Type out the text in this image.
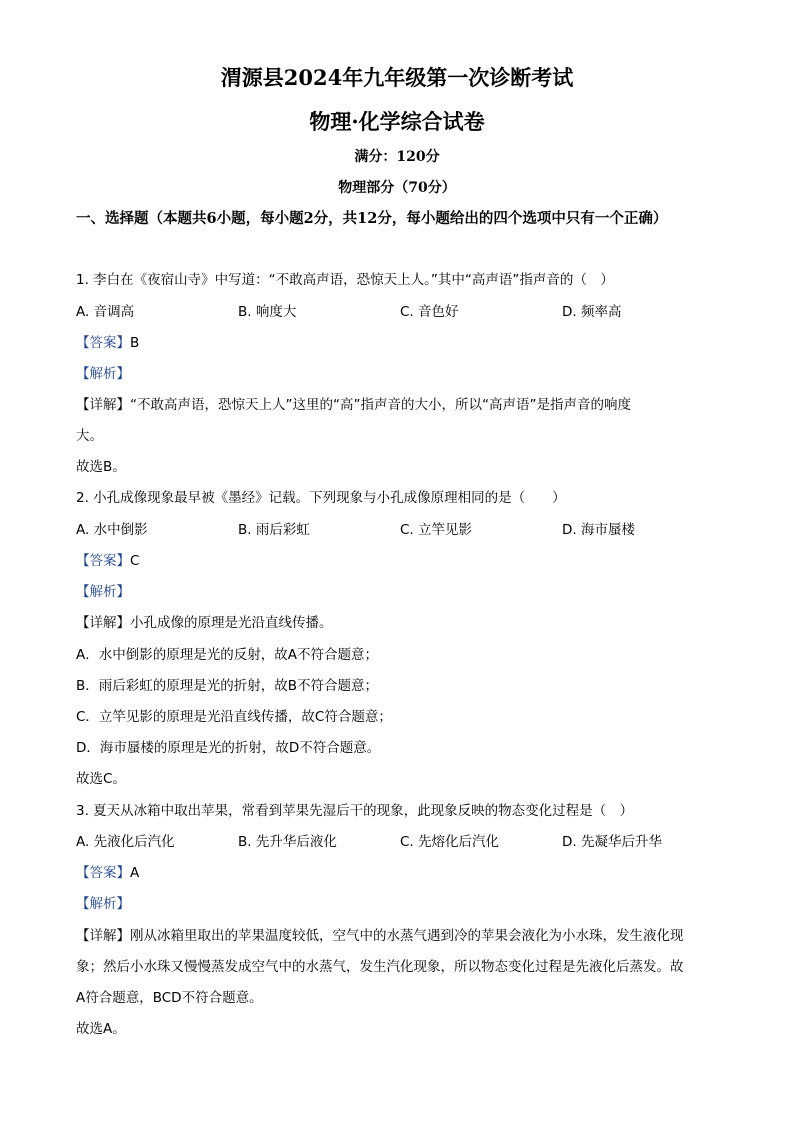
渭源县2024年九年级第一次诊断考试
物理·化学综合试卷
满分：120分
物理部分（70分）
一、选择题（本题共6小题，每小题2分，共12分，每小题给出的四个选项中只有一个正确）
1. 李白在《夜宿山寺》中写道：“不敢高声语，恐惊天上人。”其中“高声语”指声音的（　）
A. 音调高	B. 响度大	C. 音色好	D. 频率高
【答案】B
【解析】
【详解】“不敢高声语，恐惊天上人”这里的“高”指声音的大小，所以“高声语”是指声音的响度
大。
故选B。
2. 小孔成像现象最早被《墨经》记载。下列现象与小孔成像原理相同的是（　　）
A. 水中倒影	B. 雨后彩虹	C. 立竿见影	D. 海市蜃楼
【答案】C
【解析】
【详解】小孔成像的原理是光沿直线传播。
A．水中倒影的原理是光的反射，故A不符合题意；
B．雨后彩虹的原理是光的折射，故B不符合题意；
C．立竿见影的原理是光沿直线传播，故C符合题意；
D．海市蜃楼的原理是光的折射，故D不符合题意。
故选C。
3. 夏天从冰箱中取出苹果，常看到苹果先湿后干的现象，此现象反映的物态变化过程是（　）
A. 先液化后汽化	B. 先升华后液化	C. 先熔化后汽化	D. 先凝华后升华
【答案】A
【解析】
【详解】刚从冰箱里取出的苹果温度较低，空气中的水蒸气遇到冷的苹果会液化为小水珠，发生液化现
象；然后小水珠又慢慢蒸发成空气中的水蒸气，发生汽化现象，所以物态变化过程是先液化后蒸发。故
A符合题意，BCD不符合题意。
故选A。
